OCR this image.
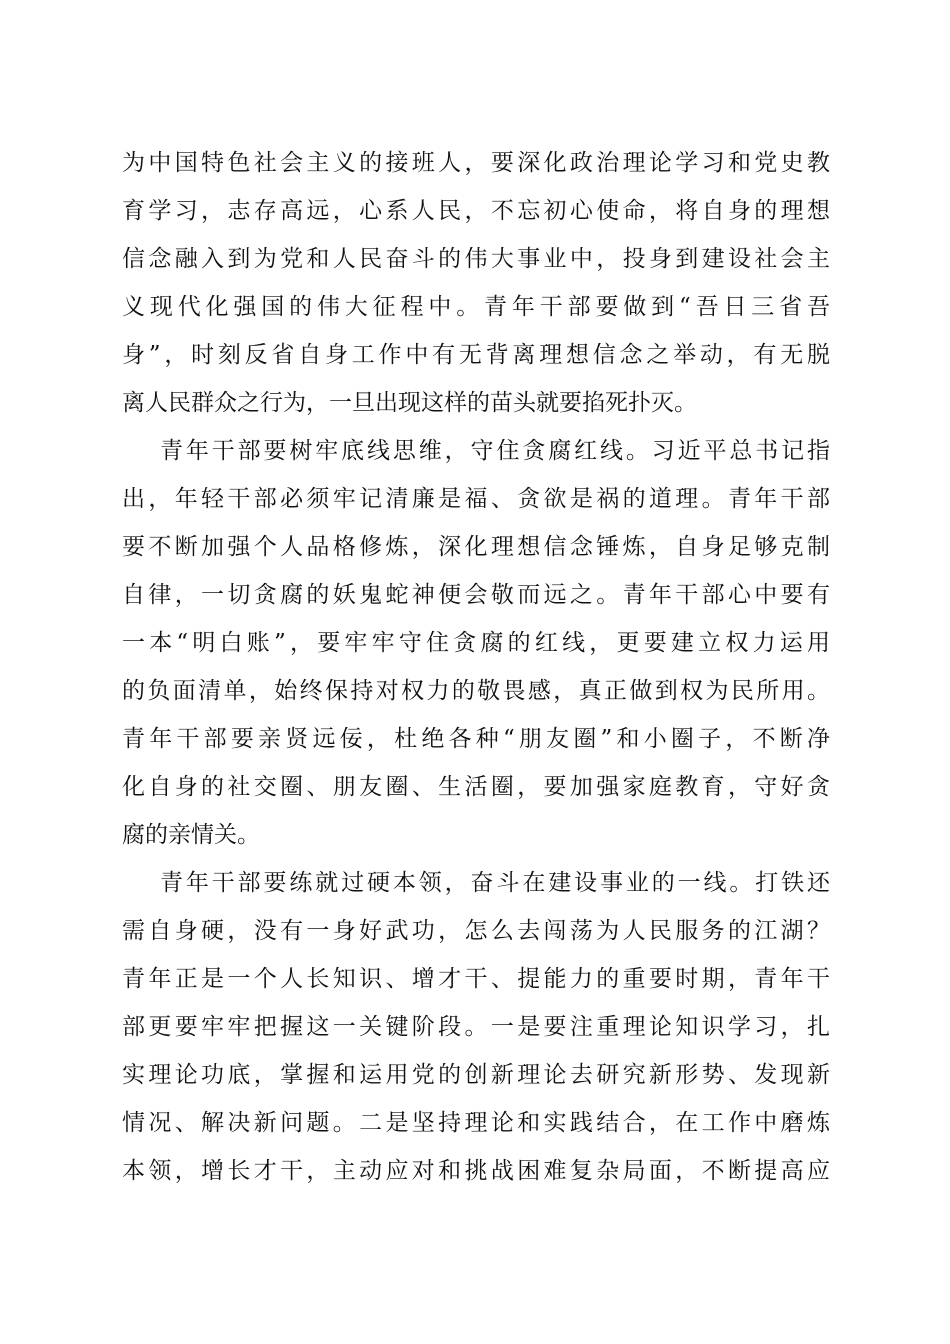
为中国特色社会主义的接班人，要深化政治理论学习和党史教
育学习，志存高远，心系人民，不忘初心使命，将自身的理想
信念融入到为党和人民奋斗的伟大事业中，投身到建设社会主
义现代化强国的伟大征程中。青年干部要做到“吾日三省吾
身”，时刻反省自身工作中有无背离理想信念之举动，有无脱
离人民群众之行为，一旦出现这样的苗头就要掐死扑灭。
青年干部要树牢底线思维，守住贪腐红线。习近平总书记指
出，年轻干部必须牢记清廉是福、贪欲是祸的道理。青年干部
要不断加强个人品格修炼，深化理想信念锤炼，自身足够克制
自律，一切贪腐的妖鬼蛇神便会敬而远之。青年干部心中要有
一本“明白账”，要牢牢守住贪腐的红线，更要建立权力运用
的负面清单，始终保持对权力的敬畏感，真正做到权为民所用。
青年干部要亲贤远佞，杜绝各种“朋友圈”和小圈子，不断净
化自身的社交圈、朋友圈、生活圈，要加强家庭教育，守好贪
腐的亲情关。
青年干部要练就过硬本领，奋斗在建设事业的一线。打铁还
需自身硬，没有一身好武功，怎么去闯荡为人民服务的江湖？
青年正是一个人长知识、增才干、提能力的重要时期，青年干
部更要牢牢把握这一关键阶段。一是要注重理论知识学习，扎
实理论功底，掌握和运用党的创新理论去研究新形势、发现新
情况、解决新问题。二是坚持理论和实践结合，在工作中磨炼
本领，增长才干，主动应对和挑战困难复杂局面，不断提高应
